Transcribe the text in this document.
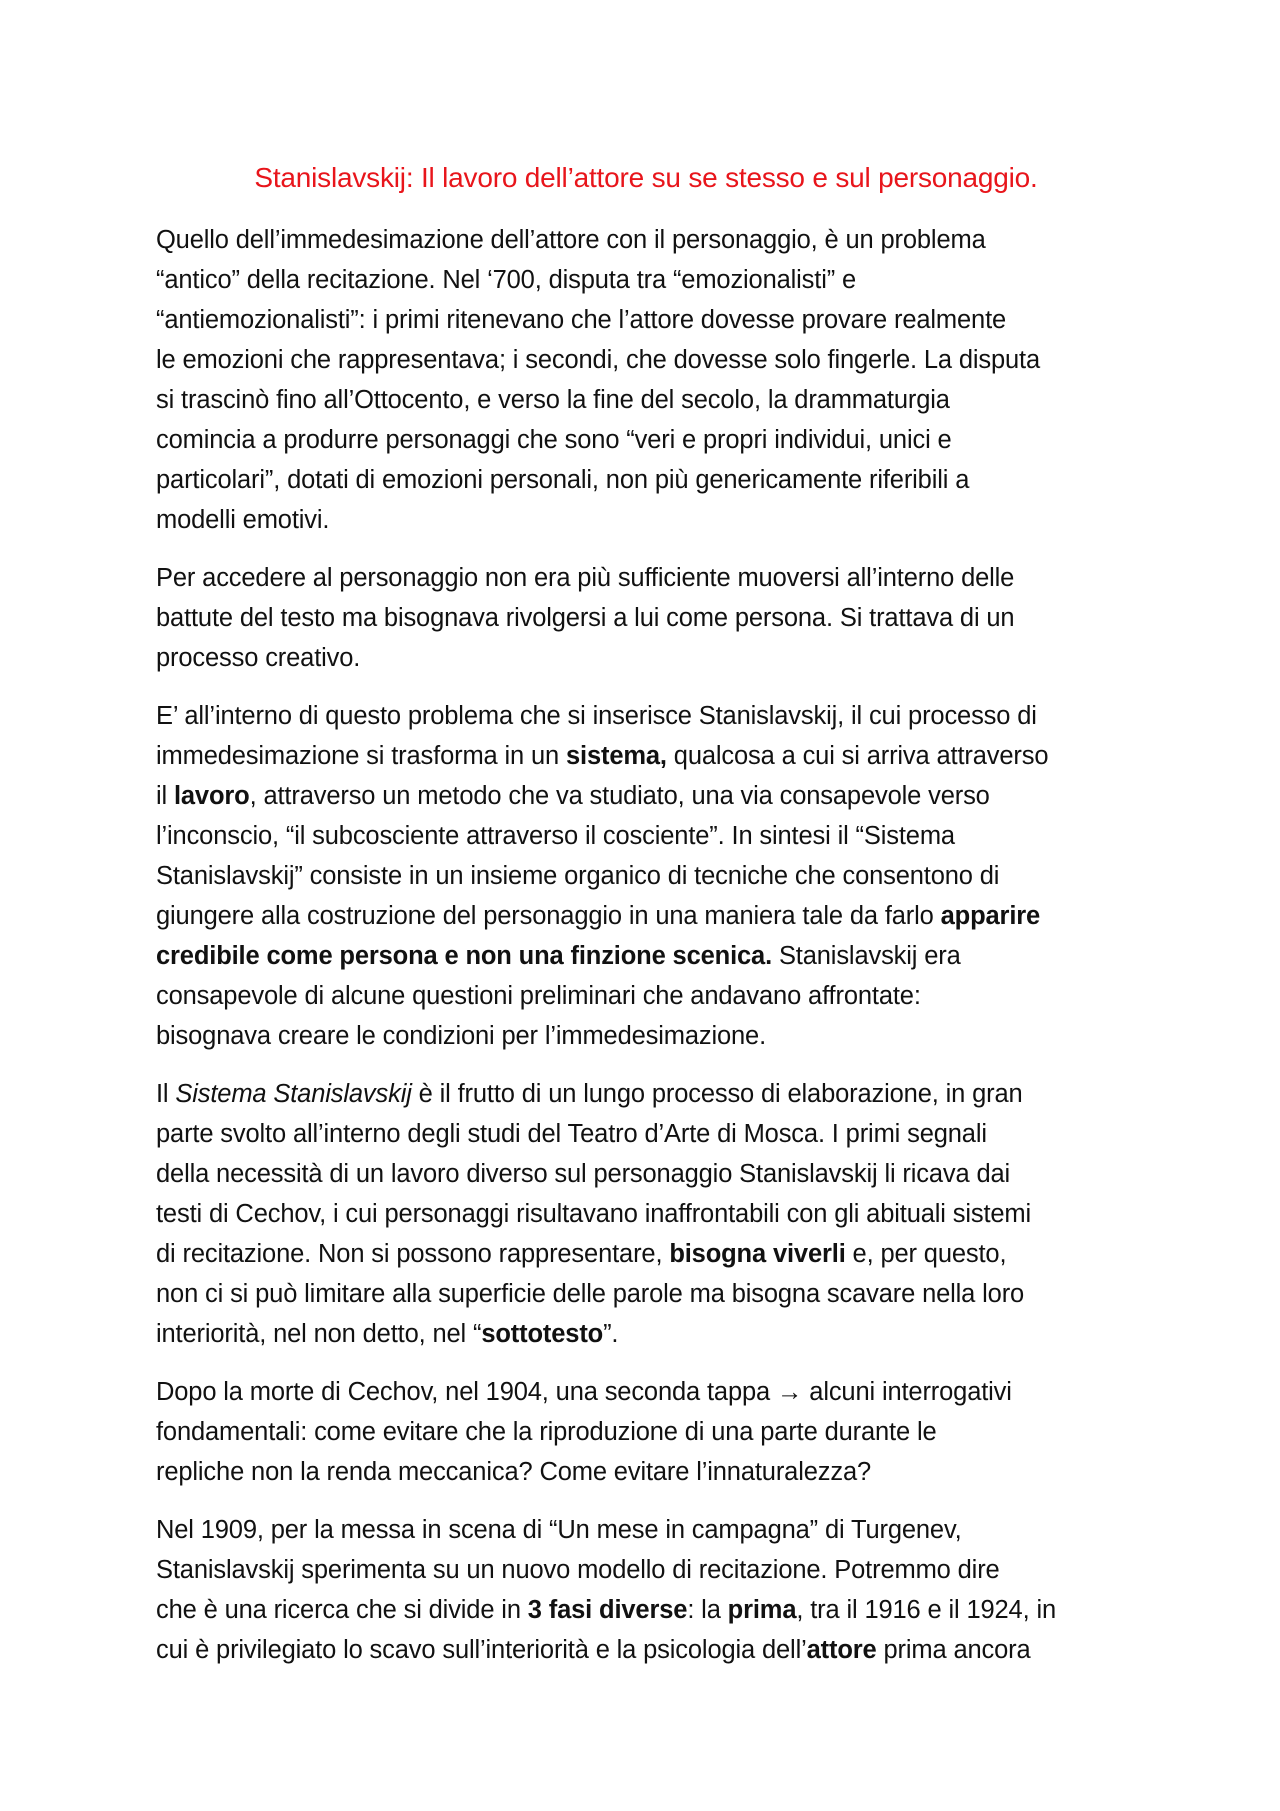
Stanislavskij: Il lavoro dell’attore su se stesso e sul personaggio.

Quello dell’immedesimazione dell’attore con il personaggio, è un problema
“antico” della recitazione. Nel ‘700, disputa tra “emozionalisti” e
“antiemozionalisti”: i primi ritenevano che l’attore dovesse provare realmente
le emozioni che rappresentava; i secondi, che dovesse solo fingerle. La disputa
si trascinò fino all’Ottocento, e verso la fine del secolo, la drammaturgia
comincia a produrre personaggi che sono “veri e propri individui, unici e
particolari”, dotati di emozioni personali, non più genericamente riferibili a
modelli emotivi.

Per accedere al personaggio non era più sufficiente muoversi all’interno delle
battute del testo ma bisognava rivolgersi a lui come persona. Si trattava di un
processo creativo.

E’ all’interno di questo problema che si inserisce Stanislavskij, il cui processo di
immedesimazione si trasforma in un sistema, qualcosa a cui si arriva attraverso
il lavoro, attraverso un metodo che va studiato, una via consapevole verso
l’inconscio, “il subcosciente attraverso il cosciente”. In sintesi il “Sistema
Stanislavskij” consiste in un insieme organico di tecniche che consentono di
giungere alla costruzione del personaggio in una maniera tale da farlo apparire
credibile come persona e non una finzione scenica. Stanislavskij era
consapevole di alcune questioni preliminari che andavano affrontate:
bisognava creare le condizioni per l’immedesimazione.

Il Sistema Stanislavskij è il frutto di un lungo processo di elaborazione, in gran
parte svolto all’interno degli studi del Teatro d’Arte di Mosca. I primi segnali
della necessità di un lavoro diverso sul personaggio Stanislavskij li ricava dai
testi di Cechov, i cui personaggi risultavano inaffrontabili con gli abituali sistemi
di recitazione. Non si possono rappresentare, bisogna viverli e, per questo,
non ci si può limitare alla superficie delle parole ma bisogna scavare nella loro
interiorità, nel non detto, nel “sottotesto”.

Dopo la morte di Cechov, nel 1904, una seconda tappa → alcuni interrogativi
fondamentali: come evitare che la riproduzione di una parte durante le
repliche non la renda meccanica? Come evitare l’innaturalezza?

Nel 1909, per la messa in scena di “Un mese in campagna” di Turgenev,
Stanislavskij sperimenta su un nuovo modello di recitazione. Potremmo dire
che è una ricerca che si divide in 3 fasi diverse: la prima, tra il 1916 e il 1924, in
cui è privilegiato lo scavo sull’interiorità e la psicologia dell’attore prima ancora
